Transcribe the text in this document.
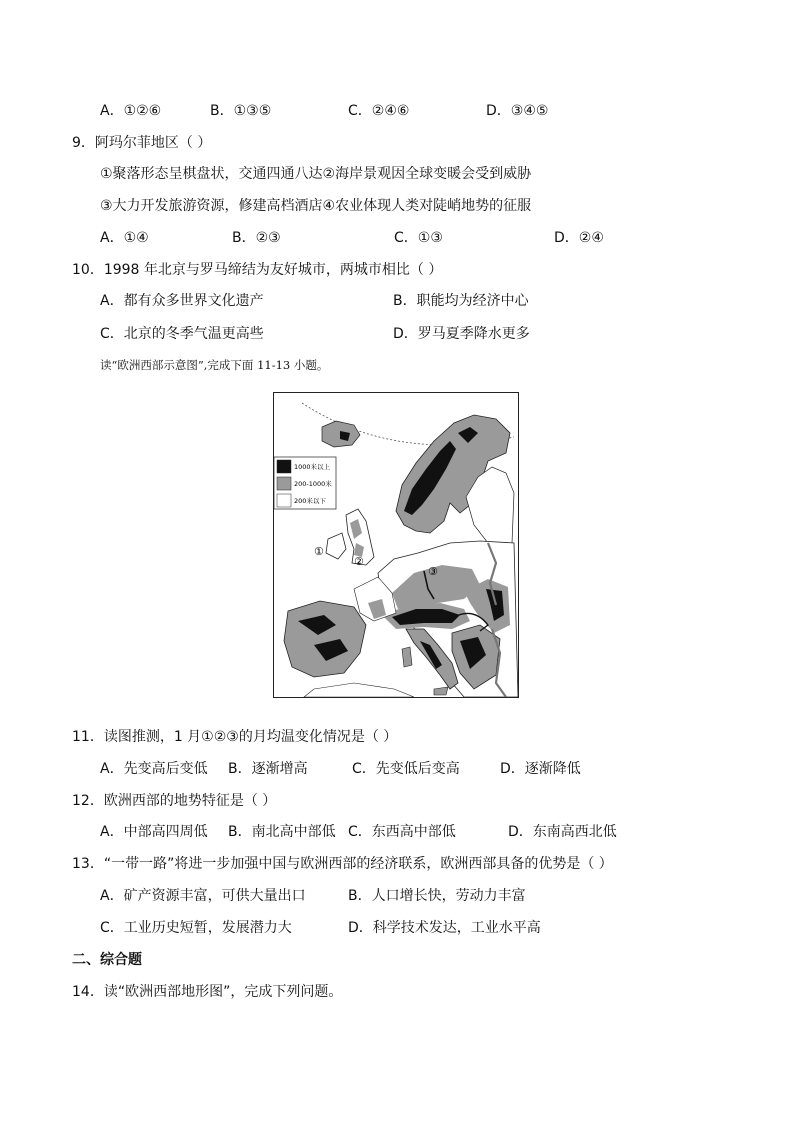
A．①②⑥	B．①③⑤	C．②④⑥	D．③④⑤
9．阿玛尔菲地区（ ）
①聚落形态呈棋盘状，交通四通八达②海岸景观因全球变暖会受到威胁
③大力开发旅游资源，修建高档酒店④农业体现人类对陡峭地势的征服
A．①④	B．②③	C．①③	D．②④
10．1998 年北京与罗马缔结为友好城市，两城市相比（ ）
A．都有众多世界文化遗产	B．职能均为经济中心
C．北京的冬季气温更高些	D．罗马夏季降水更多
读“欧洲西部示意图”,完成下面 11-13 小题。
1000米以上
200-1000米
200米以下
①
②
③
11．读图推测，1 月①②③的月均温变化情况是（ ）
A．先变高后变低 B．逐渐增高	C．先变低后变高	D．逐渐降低
12．欧洲西部的地势特征是（ ）
A．中部高四周低 B．南北高中部低 C．东西高中部低	D．东南高西北低
13．“一带一路”将进一步加强中国与欧洲西部的经济联系，欧洲西部具备的优势是（ ）
A．矿产资源丰富，可供大量出口	B．人口增长快，劳动力丰富
C．工业历史短暂，发展潜力大	D．科学技术发达，工业水平高
二、综合题
14．读“欧洲西部地形图”，完成下列问题。
